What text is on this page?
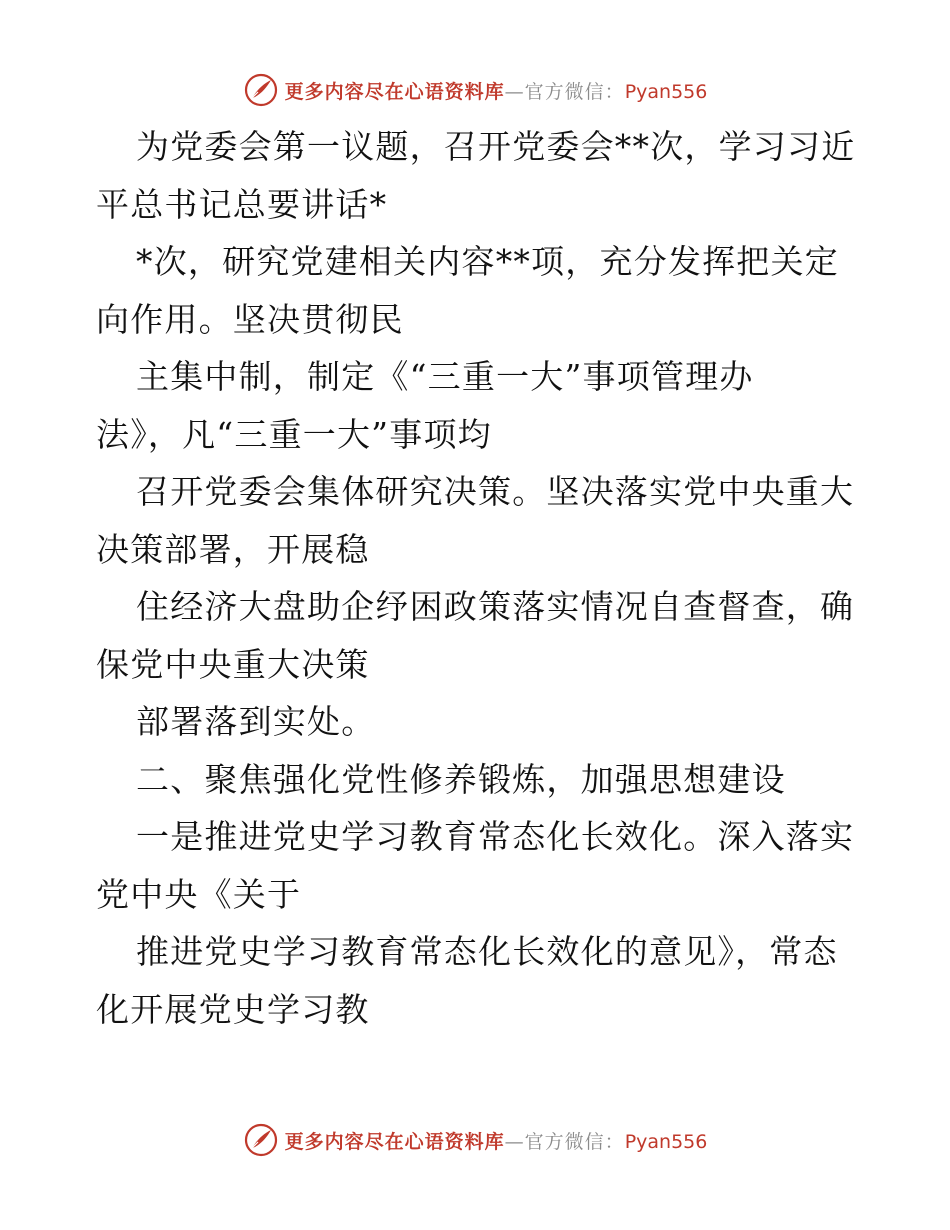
更多内容尽在心语资料库—官方微信：Pyan556
为党委会第一议题，召开党委会**次，学习习近
平总书记总要讲话*
*次，研究党建相关内容**项，充分发挥把关定
向作用。坚决贯彻民
主集中制，制定《“三重一大”事项管理办
法》，凡“三重一大”事项均
召开党委会集体研究决策。坚决落实党中央重大
决策部署，开展稳
住经济大盘助企纾困政策落实情况自查督查，确
保党中央重大决策
部署落到实处。
二、聚焦强化党性修养锻炼，加强思想建设
一是推进党史学习教育常态化长效化。深入落实
党中央《关于
推进党史学习教育常态化长效化的意见》，常态
化开展党史学习教
更多内容尽在心语资料库—官方微信：Pyan556
